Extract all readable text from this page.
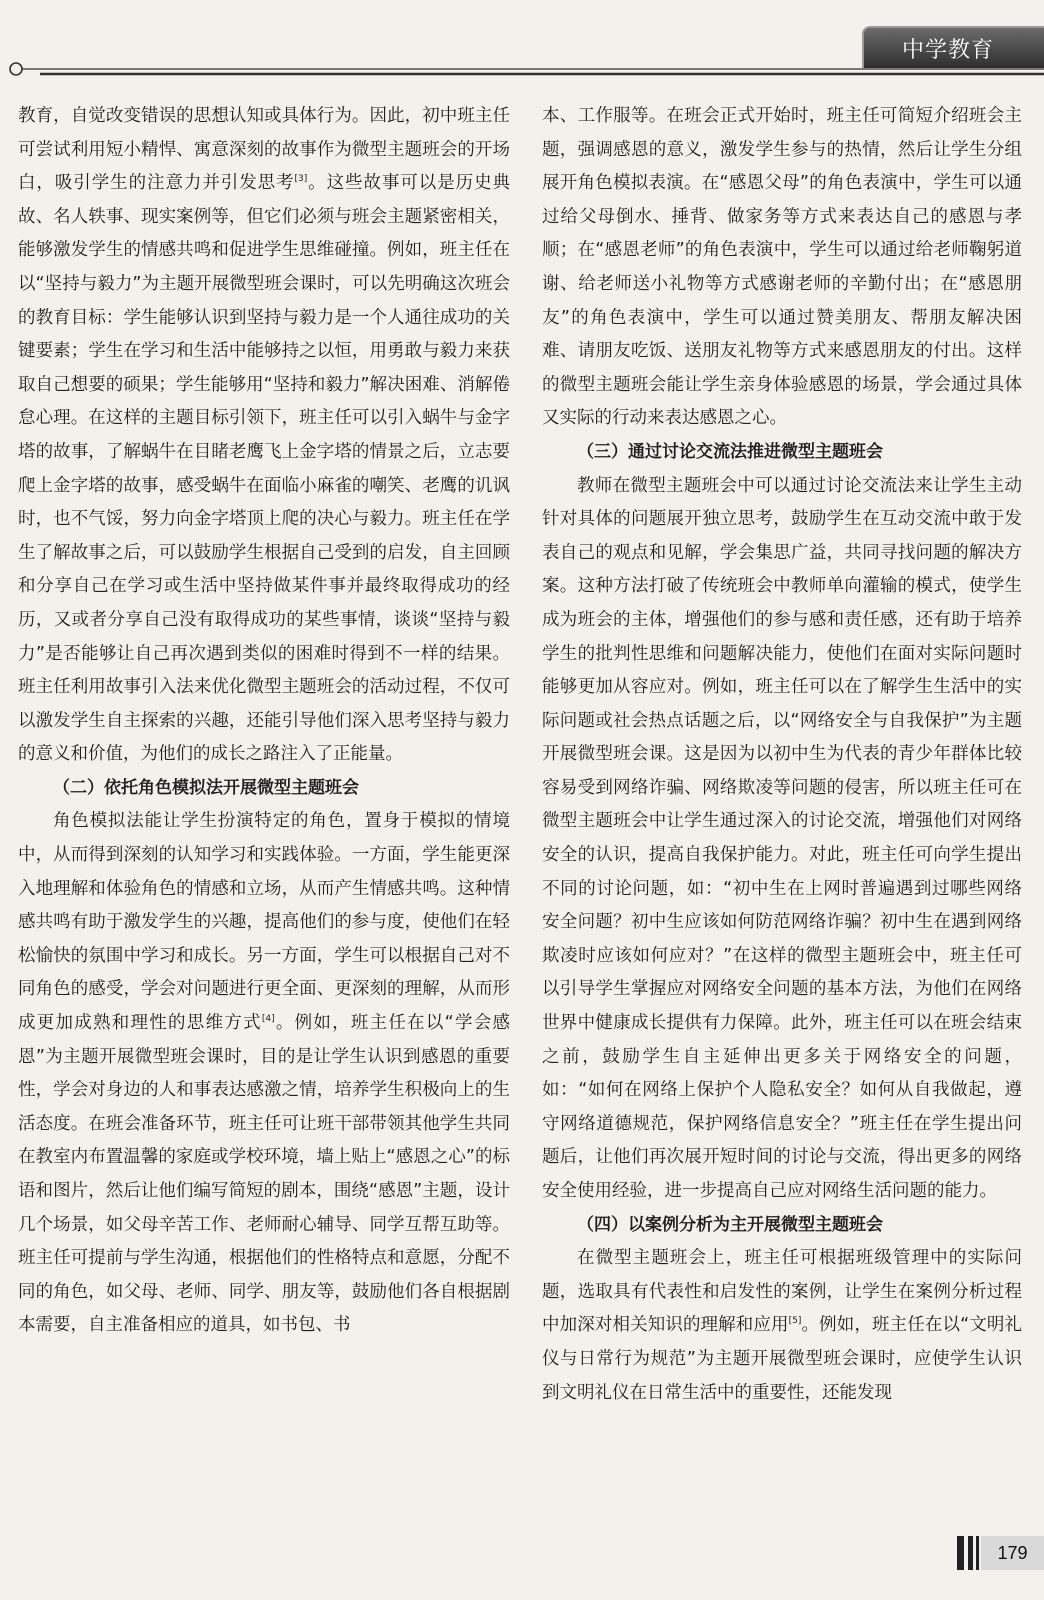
中学教育

教育，自觉改变错误的思想认知或具体行为。因此，初中班主任可尝试利用短小精悍、寓意深刻的故事作为微型主题班会的开场白，吸引学生的注意力并引发思考[3]。这些故事可以是历史典故、名人轶事、现实案例等，但它们必须与班会主题紧密相关，能够激发学生的情感共鸣和促进学生思维碰撞。例如，班主任在以“坚持与毅力”为主题开展微型班会课时，可以先明确这次班会的教育目标：学生能够认识到坚持与毅力是一个人通往成功的关键要素；学生在学习和生活中能够持之以恒，用勇敢与毅力来获取自己想要的硕果；学生能够用“坚持和毅力”解决困难、消解倦怠心理。在这样的主题目标引领下，班主任可以引入蜗牛与金字塔的故事，了解蜗牛在目睹老鹰飞上金字塔的情景之后，立志要爬上金字塔的故事，感受蜗牛在面临小麻雀的嘲笑、老鹰的讥讽时，也不气馁，努力向金字塔顶上爬的决心与毅力。班主任在学生了解故事之后，可以鼓励学生根据自己受到的启发，自主回顾和分享自己在学习或生活中坚持做某件事并最终取得成功的经历，又或者分享自己没有取得成功的某些事情，谈谈“坚持与毅力”是否能够让自己再次遇到类似的困难时得到不一样的结果。班主任利用故事引入法来优化微型主题班会的活动过程，不仅可以激发学生自主探索的兴趣，还能引导他们深入思考坚持与毅力的意义和价值，为他们的成长之路注入了正能量。

（二）依托角色模拟法开展微型主题班会

角色模拟法能让学生扮演特定的角色，置身于模拟的情境中，从而得到深刻的认知学习和实践体验。一方面，学生能更深入地理解和体验角色的情感和立场，从而产生情感共鸣。这种情感共鸣有助于激发学生的兴趣，提高他们的参与度，使他们在轻松愉快的氛围中学习和成长。另一方面，学生可以根据自己对不同角色的感受，学会对问题进行更全面、更深刻的理解，从而形成更加成熟和理性的思维方式[4]。例如，班主任在以“学会感恩”为主题开展微型班会课时，目的是让学生认识到感恩的重要性，学会对身边的人和事表达感激之情，培养学生积极向上的生活态度。在班会准备环节，班主任可让班干部带领其他学生共同在教室内布置温馨的家庭或学校环境，墙上贴上“感恩之心”的标语和图片，然后让他们编写简短的剧本，围绕“感恩”主题，设计几个场景，如父母辛苦工作、老师耐心辅导、同学互帮互助等。班主任可提前与学生沟通，根据他们的性格特点和意愿，分配不同的角色，如父母、老师、同学、朋友等，鼓励他们各自根据剧本需要，自主准备相应的道具，如书包、书

本、工作服等。在班会正式开始时，班主任可简短介绍班会主题，强调感恩的意义，激发学生参与的热情，然后让学生分组展开角色模拟表演。在“感恩父母”的角色表演中，学生可以通过给父母倒水、捶背、做家务等方式来表达自己的感恩与孝顺；在“感恩老师”的角色表演中，学生可以通过给老师鞠躬道谢、给老师送小礼物等方式感谢老师的辛勤付出；在“感恩朋友”的角色表演中，学生可以通过赞美朋友、帮朋友解决困难、请朋友吃饭、送朋友礼物等方式来感恩朋友的付出。这样的微型主题班会能让学生亲身体验感恩的场景，学会通过具体又实际的行动来表达感恩之心。

（三）通过讨论交流法推进微型主题班会

教师在微型主题班会中可以通过讨论交流法来让学生主动针对具体的问题展开独立思考，鼓励学生在互动交流中敢于发表自己的观点和见解，学会集思广益，共同寻找问题的解决方案。这种方法打破了传统班会中教师单向灌输的模式，使学生成为班会的主体，增强他们的参与感和责任感，还有助于培养学生的批判性思维和问题解决能力，使他们在面对实际问题时能够更加从容应对。例如，班主任可以在了解学生生活中的实际问题或社会热点话题之后，以“网络安全与自我保护”为主题开展微型班会课。这是因为以初中生为代表的青少年群体比较容易受到网络诈骗、网络欺凌等问题的侵害，所以班主任可在微型主题班会中让学生通过深入的讨论交流，增强他们对网络安全的认识，提高自我保护能力。对此，班主任可向学生提出不同的讨论问题，如：“初中生在上网时普遍遇到过哪些网络安全问题？初中生应该如何防范网络诈骗？初中生在遇到网络欺凌时应该如何应对？”在这样的微型主题班会中，班主任可以引导学生掌握应对网络安全问题的基本方法，为他们在网络世界中健康成长提供有力保障。此外，班主任可以在班会结束之前，鼓励学生自主延伸出更多关于网络安全的问题，如：“如何在网络上保护个人隐私安全？如何从自我做起，遵守网络道德规范，保护网络信息安全？”班主任在学生提出问题后，让他们再次展开短时间的讨论与交流，得出更多的网络安全使用经验，进一步提高自己应对网络生活问题的能力。

（四）以案例分析为主开展微型主题班会

在微型主题班会上，班主任可根据班级管理中的实际问题，选取具有代表性和启发性的案例，让学生在案例分析过程中加深对相关知识的理解和应用[5]。例如，班主任在以“文明礼仪与日常行为规范”为主题开展微型班会课时，应使学生认识到文明礼仪在日常生活中的重要性，还能发现

179
